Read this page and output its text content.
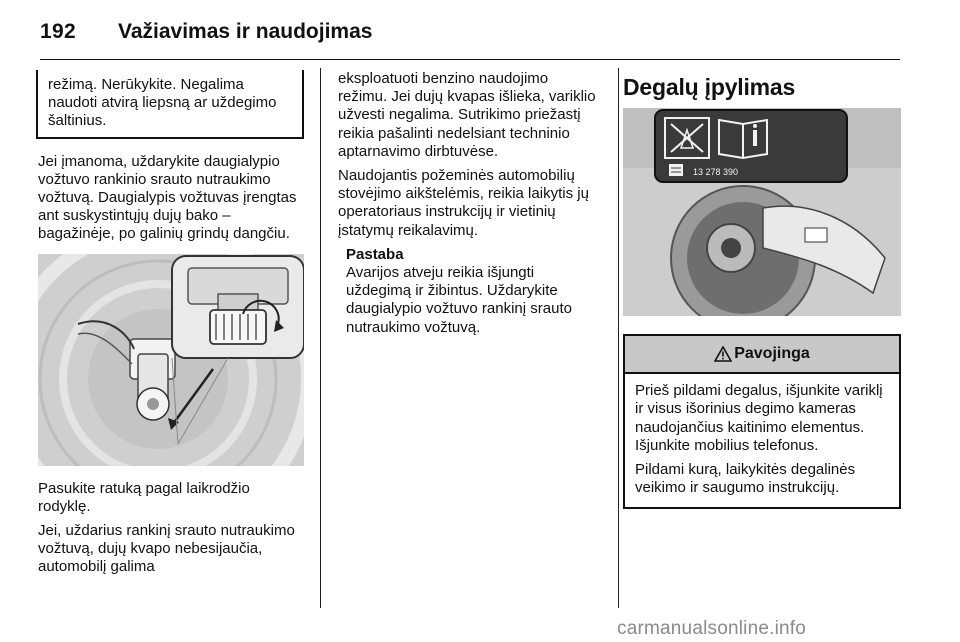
192 Važiavimas ir naudojimas
režimą. Nerūkykite. Negalima naudoti atvirą liepsną ar uždegimo šaltinius.

Jei įmanoma, uždarykite daugialypio vožtuvo rankinio srauto nutraukimo vožtuvą. Daugialypis vožtuvas įrengtas ant suskystintųjų dujų bako – bagažinėje, po galinių grindų dangčiu.

Pasukite ratuką pagal laikrodžio rodyklę.

Jei, uždarius rankinį srauto nutraukimo vožtuvą, dujų kvapo nebesijaučia, automobilį galima

eksploatuoti benzino naudojimo režimu. Jei dujų kvapas išlieka, variklio užvesti negalima. Sutrikimo priežastį reikia pašalinti nedelsiant techninio aptarnavimo dirbtuvėse.

Naudojantis požeminės automobilių stovėjimo aikštelėmis, reikia laikytis jų operatoriaus instrukcijų ir vietinių įstatymų reikalavimų.

Pastaba
Avarijos atveju reikia išjungti uždegimą ir žibintus. Uždarykite daugialypio vožtuvo rankinį srauto nutraukimo vožtuvą.
Degalų įpylimas
13 278 390
Pavojinga

Prieš pildami degalus, išjunkite variklį ir visus išorinius degimo kameras naudojančius kaitinimo elementus. Išjunkite mobilius telefonus.

Pildami kurą, laikykitės degalinės veikimo ir saugumo instrukcijų.

carmanualsonline.info
